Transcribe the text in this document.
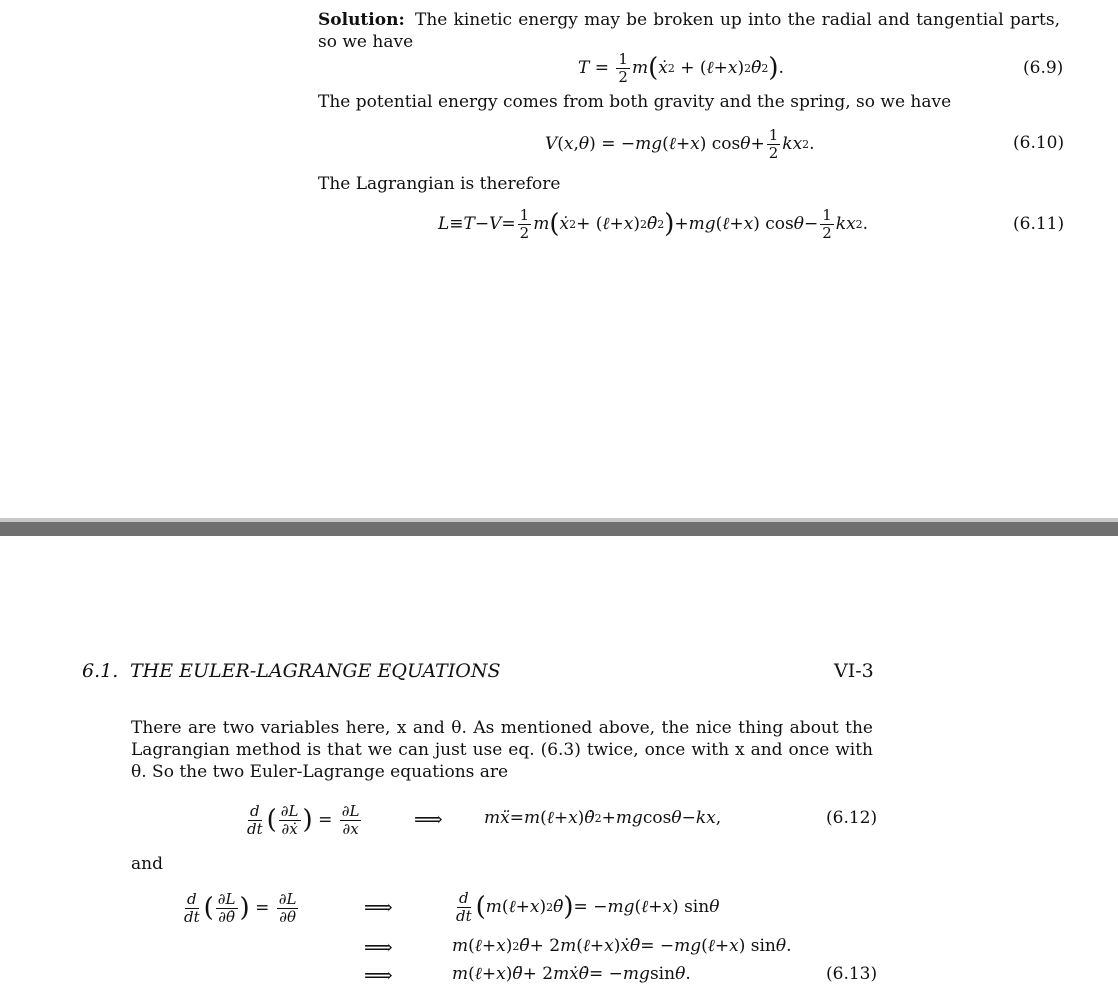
Solution: The kinetic energy may be broken up into the radial and tangential parts, so we have
$T = \frac{1}{2}$ m ( ẋ 2 + ( ℓ + x ) 2 θ̇ 2 ) .	(6.9)
The potential energy comes from both gravity and the spring, so we have
V ( x , θ ) = − mg ( ℓ + x ) $\cos \theta + \frac{1}{2}$ kx 2 .	(6.10)
The Lagrangian is therefore
$L \equiv T - V = \frac{1}{2}$ m ( ẋ 2 + ( ℓ + x ) 2 θ̇ 2 ) + mg ( ℓ + x ) $\cos \theta - \frac{1}{2}$ kx 2 .	(6.11)
6.1. THE EULER-LAGRANGE EQUATIONS	VI-3
There are two variables here, x and θ. As mentioned above, the nice thing about the Lagrangian method is that we can just use eq. (6.3) twice, once with x and once with θ. So the two Euler-Lagrange equations are
$\frac{d}{dt}$ ( $\frac{\partial L}{\text{∂ẋ}}$ ) = $\frac{\partial L}{\partial x}$	⟹ mẍ = m ( ℓ + x ) θ̇ 2 + mg cos θ − kx ,	(6.12)
and
$\frac{d}{dt}$ ( $\frac{\partial L}{\partial\thetȧ}$ ) = $\frac{\partial L}{\partial\theta}$	⟹	$\frac{d}{dt}$ ( m ( ℓ + x ) 2 θ̇ ) = − mg ( ℓ + x ) sin θ
⟹	m ( ℓ + x ) 2 θ̈ + 2 m ( ℓ + x ) ẋθ̇ = − mg ( ℓ + x ) sin θ .
⟹	m ( ℓ + x ) θ̈ + 2 mẋθ̇ = − mg sin θ .	(6.13)
